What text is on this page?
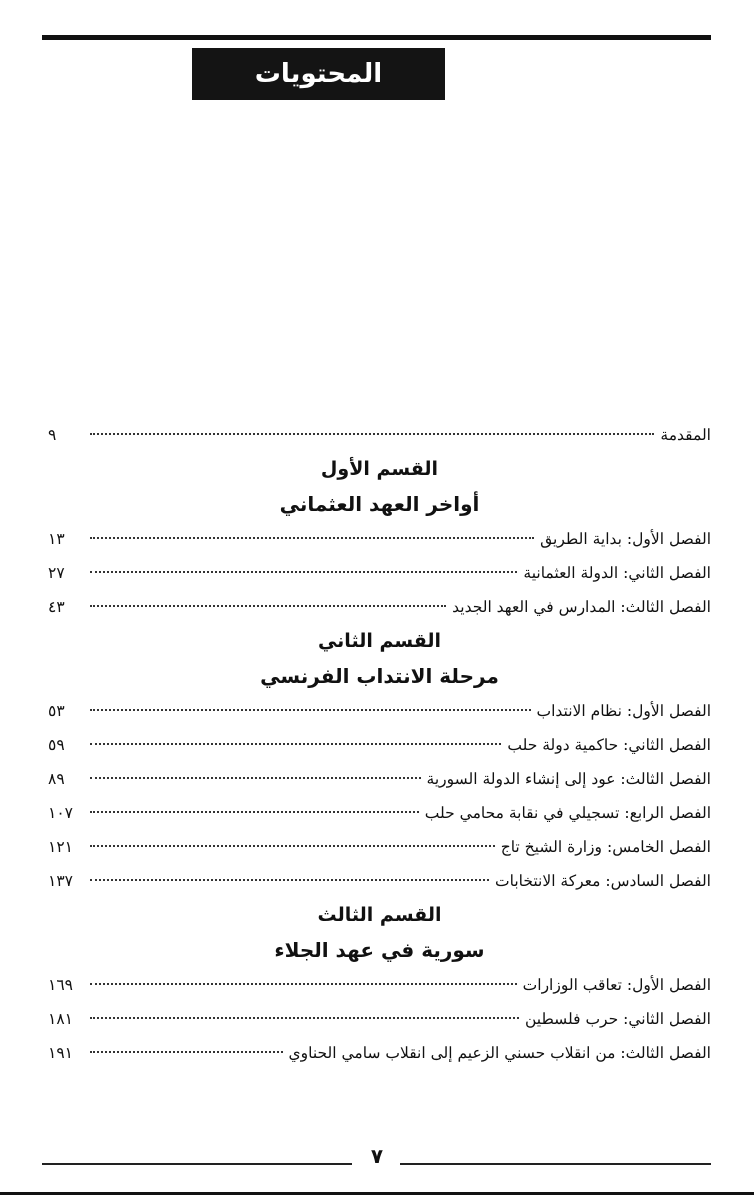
المحتويات
المقدمة
٩
القسم الأول
أواخر العهد العثماني
الفصل الأول: بداية الطريق
١٣
الفصل الثاني: الدولة العثمانية
٢٧
الفصل الثالث: المدارس في العهد الجديد
٤٣
القسم الثاني
مرحلة الانتداب الفرنسي
الفصل الأول: نظام الانتداب
٥٣
الفصل الثاني: حاكمية دولة حلب
٥٩
الفصل الثالث: عود إلى إنشاء الدولة السورية
٨٩
الفصل الرابع: تسجيلي في نقابة محامي حلب
١٠٧
الفصل الخامس: وزارة الشيخ تاج
١٢١
الفصل السادس: معركة الانتخابات
١٣٧
القسم الثالث
سورية في عهد الجلاء
الفصل الأول: تعاقب الوزارات
١٦٩
الفصل الثاني: حرب فلسطين
١٨١
الفصل الثالث: من انقلاب حسني الزعيم إلى انقلاب سامي الحناوي
١٩١
٧
